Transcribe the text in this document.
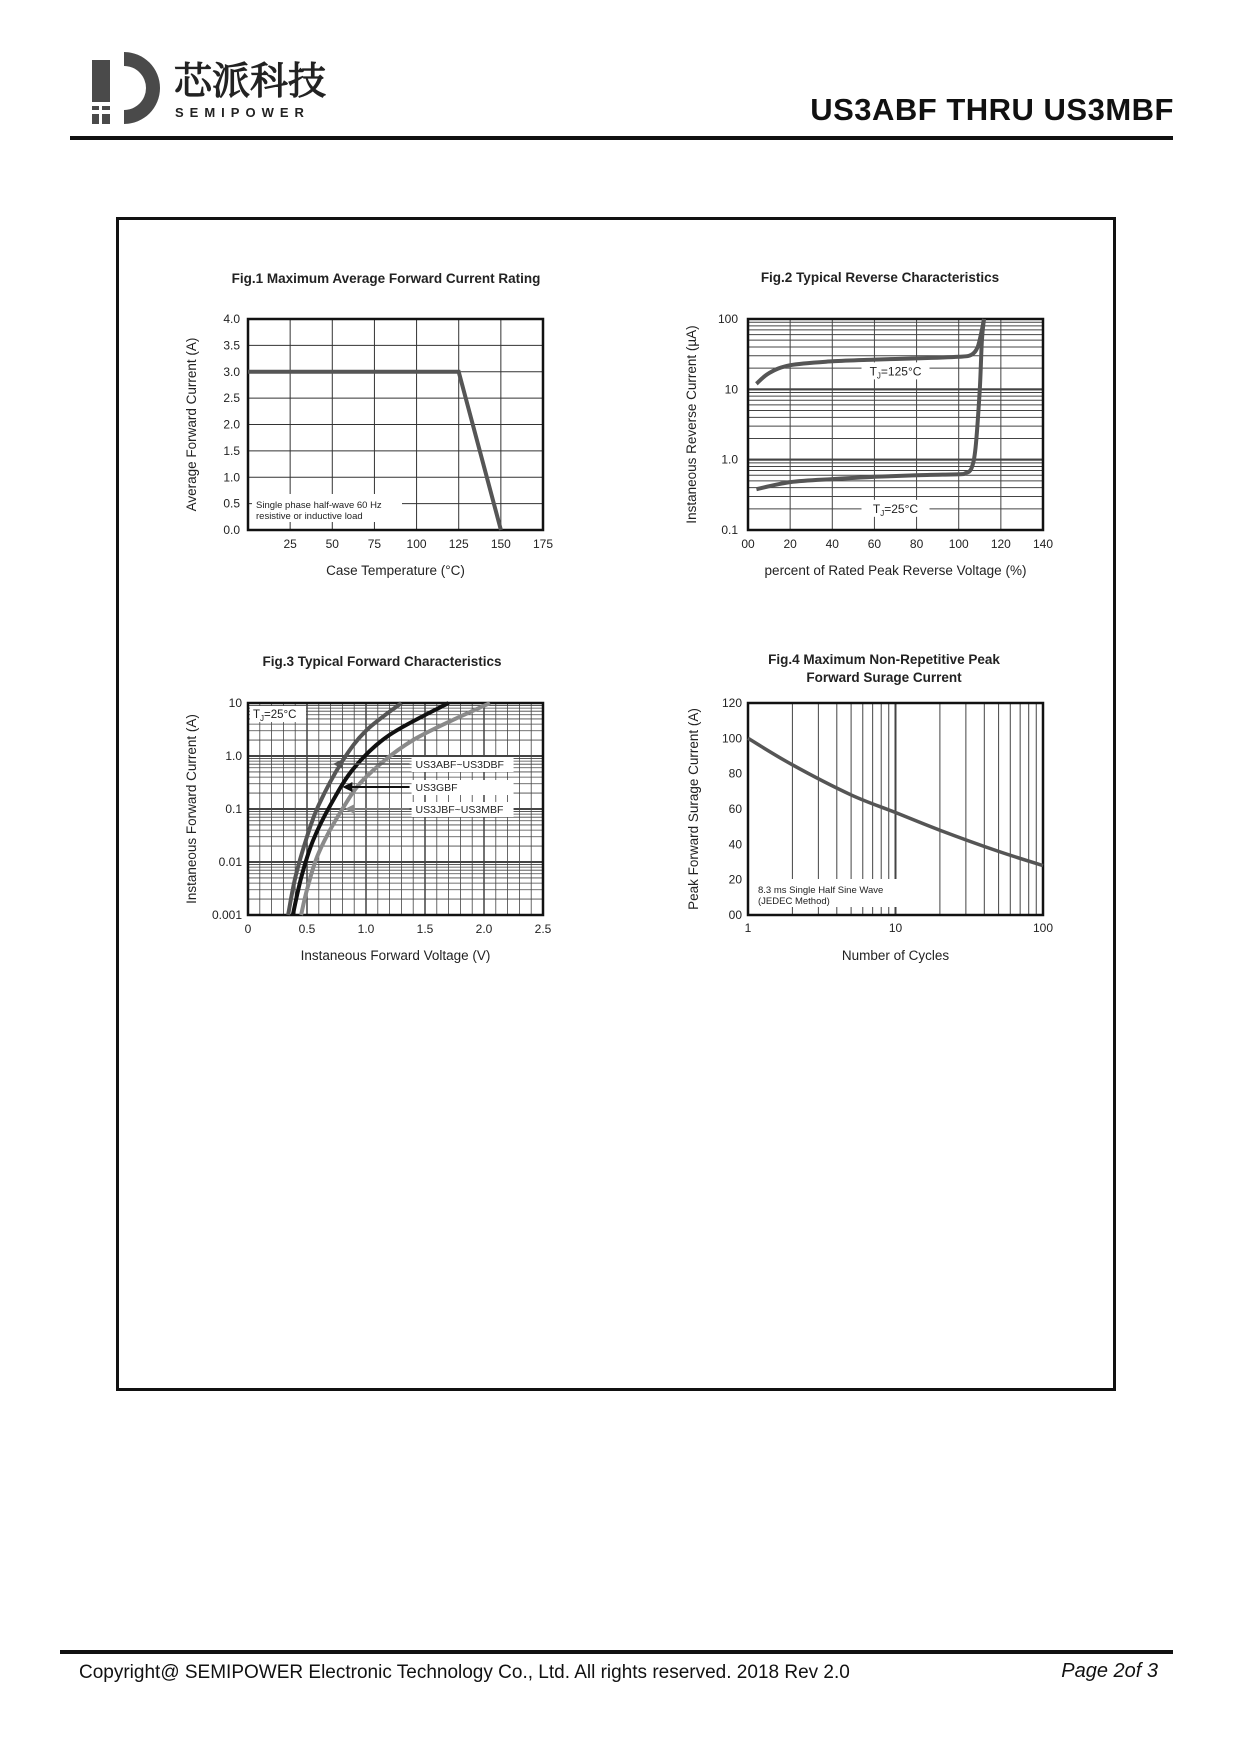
芯派科技
SEMIPOWER	US3ABF THRU US3MBF
Fig.1 Maximum Average Forward Current Rating
25 50 75 100 125 150 175
0.0
0.5
1.0
1.5
2.0
2.5
3.0
3.5
4.0
Case Temperature (°C)
Average Forward Current (A)	Single phase half-wave 60 Hz
resistive or inductive load
Fig.2 Typical Reverse Characteristics
00 20 40 60 80 100 120 140
0.1
1.0
10
100
percent of Rated Peak Reverse Voltage (%)
Instaneous Reverse Current (µA)	$T_J=125^\circ C$
$T_J=25^\circ C$
Fig.3 Typical Forward Characteristics
0	0.5	1.0	1.5	2.0	2.5
0.001
0.01
0.1
1.0
10
Instaneous Forward Voltage (V)
Instaneous Forward Current (A)	US3ABF~US3DBF
US3GBF
US3JBF~US3MBF
$T_J=25^\circ C$
Fig.4 Maximum Non-Repetitive Peak
Forward Surage Current
1	10	100
00
20
40
60
80
100
120
Number of Cycles
Peak Forward Surage Current (A)	8.3 ms Single Half Sine Wave
(JEDEC Method)
Copyright@ SEMIPOWER Electronic Technology Co., Ltd. All rights reserved. 2018 Rev 2.0	Page 2of 3
